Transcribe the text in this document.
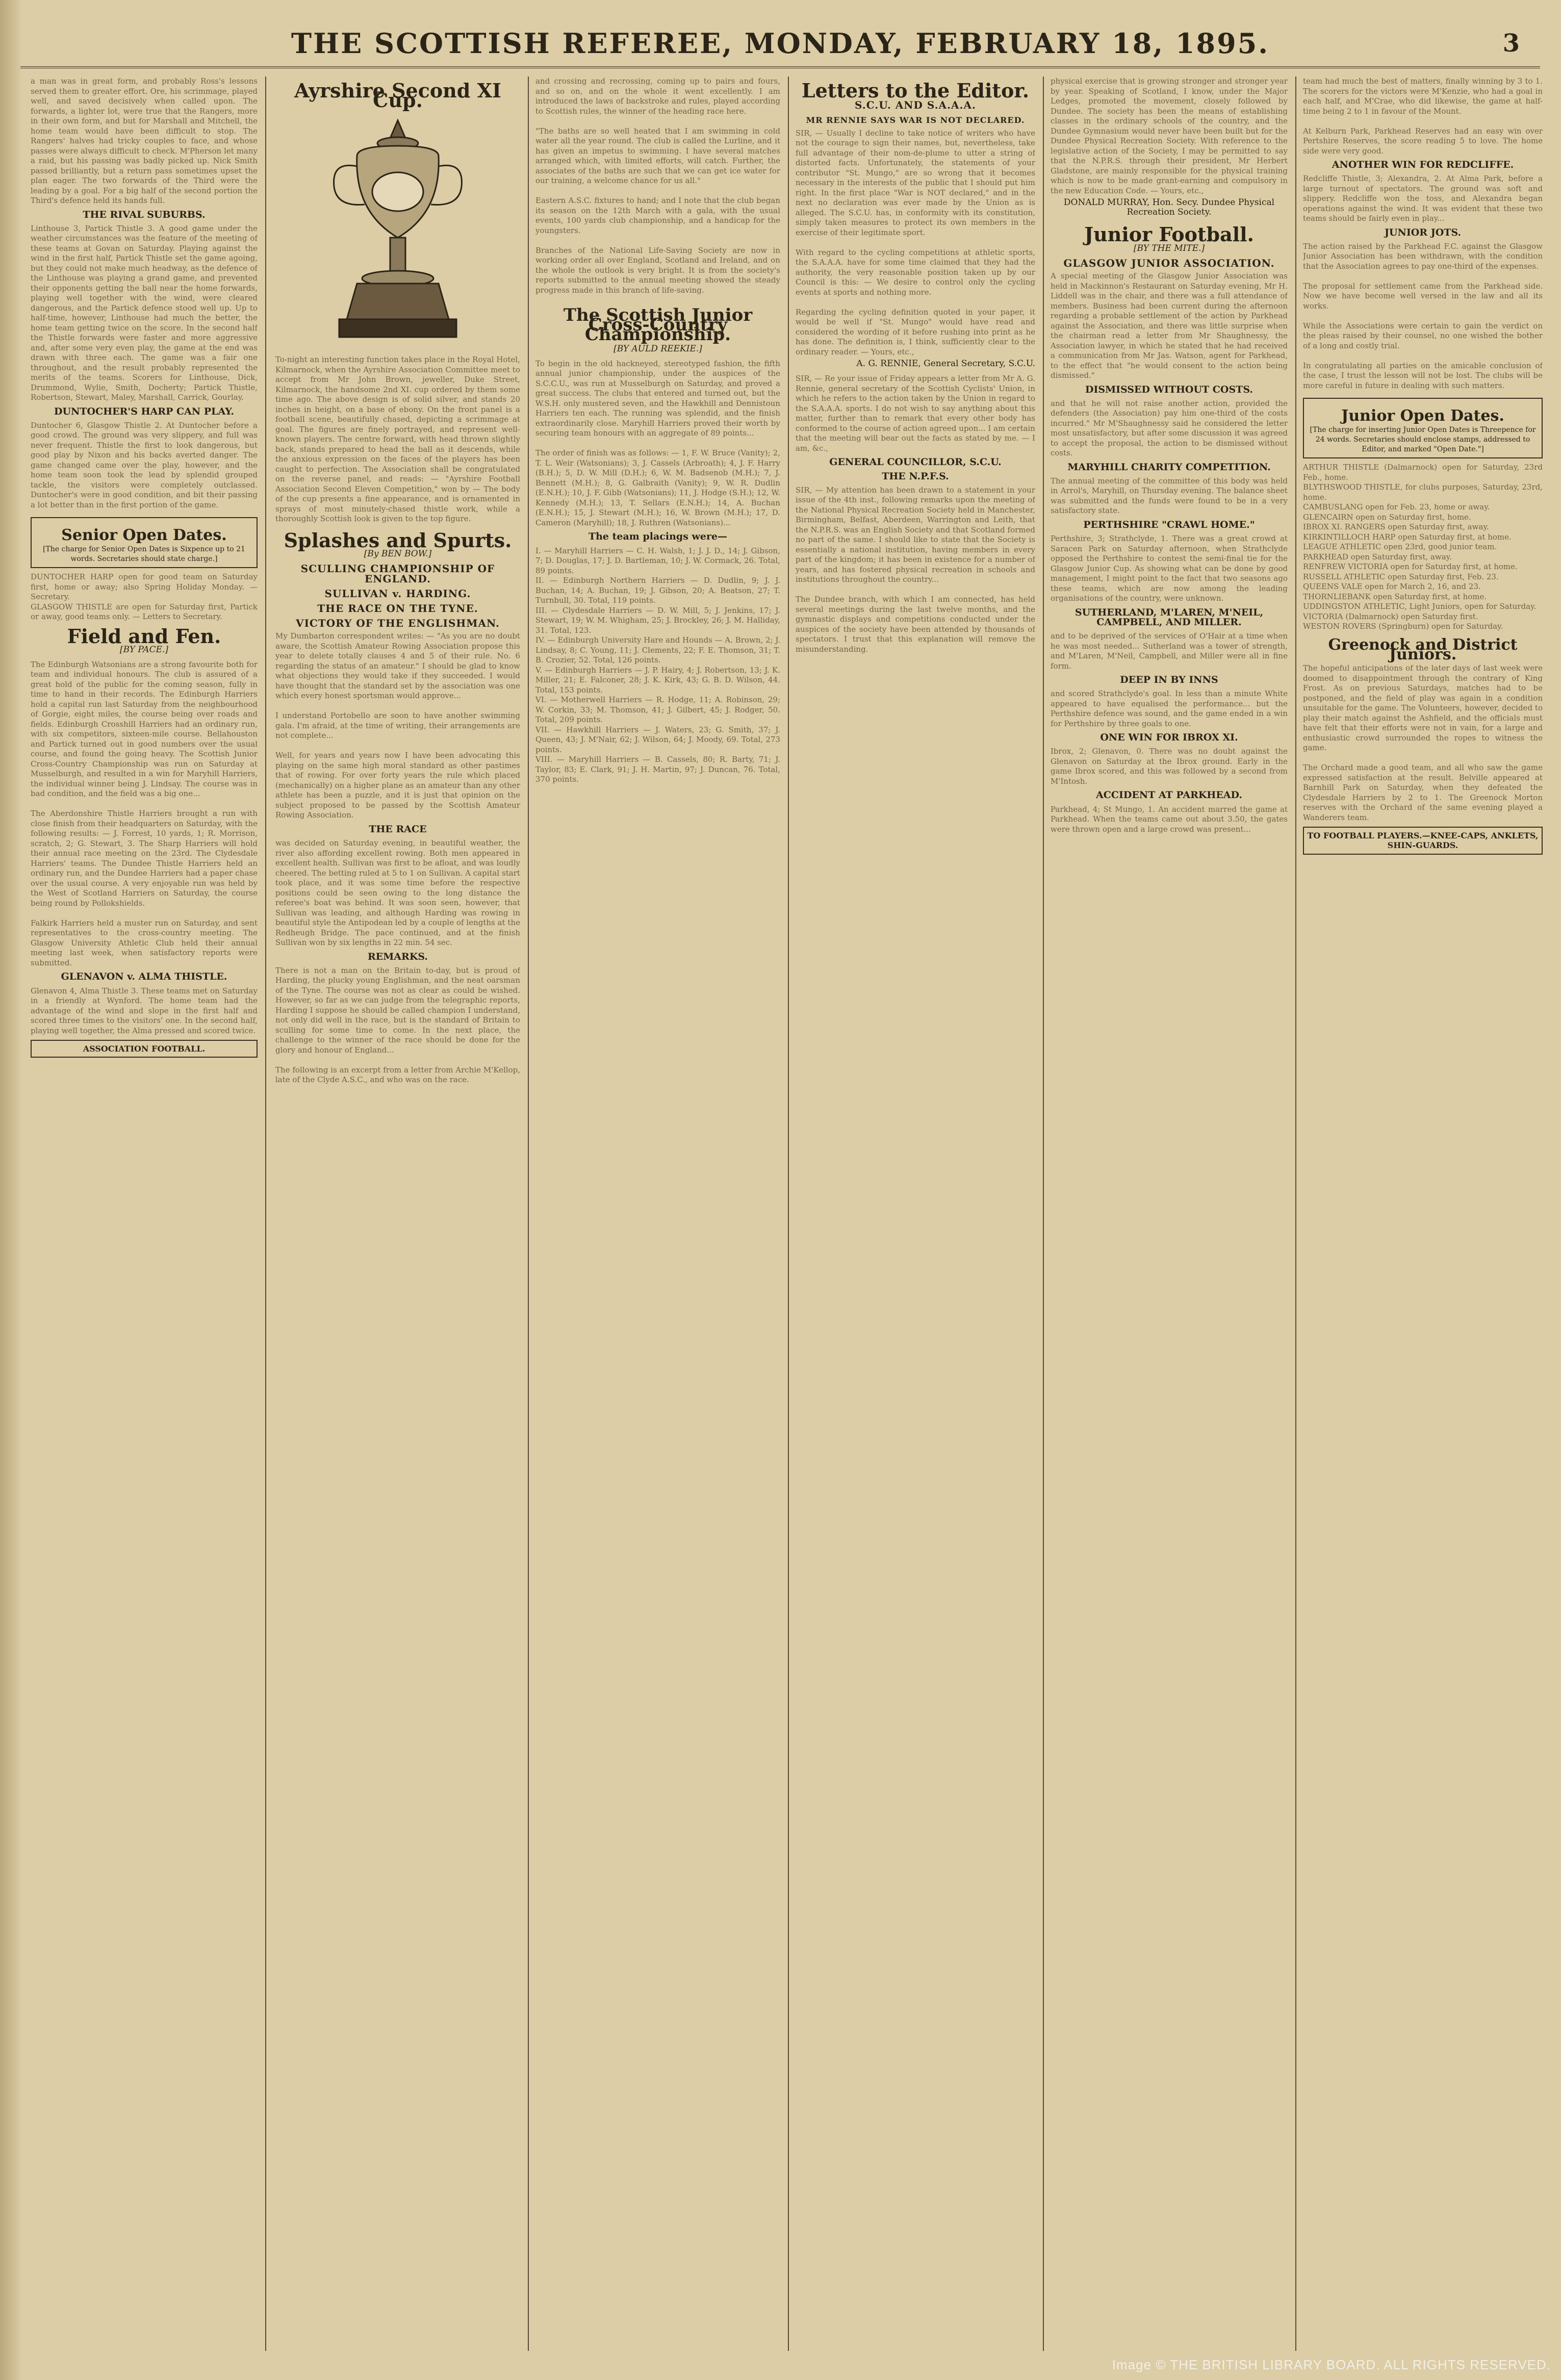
THE SCOTTISH REFEREE, MONDAY, FEBRUARY 18, 1895.	3
a man was in great form, and probably Ross's lessons served them to greater effort. Ore, his scrimmage, played well, and saved decisively when called upon. The forwards, a lighter lot, were true that the Rangers, more in their own form, and but for Marshall and Mitchell, the home team would have been difficult to stop. The Rangers' halves had tricky couples to face, and whose passes were always difficult to check. M'Pherson let many a raid, but his passing was badly picked up. Nick Smith passed brilliantly, but a return pass sometimes upset the plan eager. The two forwards of the Third were the leading by a goal. For a big half of the second portion the Third's defence held its hands full.
THE RIVAL SUBURBS.
Linthouse 3, Partick Thistle 3. A good game under the weather circumstances was the feature of the meeting of these teams at Govan on Saturday. Playing against the wind in the first half, Partick Thistle set the game agoing, but they could not make much headway, as the defence of the Linthouse was playing a grand game, and prevented their opponents getting the ball near the home forwards, playing well together with the wind, were cleared dangerous, and the Partick defence stood well up. Up to half-time, however, Linthouse had much the better, the home team getting twice on the score. In the second half the Thistle forwards were faster and more aggressive and, after some very even play, the game at the end was drawn with three each. The game was a fair one throughout, and the result probably represented the merits of the teams. Scorers for Linthouse, Dick, Drummond, Wylie, Smith, Docherty; Partick Thistle, Robertson, Stewart, Maley, Marshall, Carrick, Gourlay.
DUNTOCHER'S HARP CAN PLAY.
Duntocher 6, Glasgow Thistle 2. At Duntocher before a good crowd. The ground was very slippery, and full was never frequent. Thistle the first to look dangerous, but good play by Nixon and his backs averted danger. The game changed came over the play, however, and the home team soon took the lead by splendid grouped tackle, the visitors were completely outclassed. Duntocher's were in good condition, and bit their passing a lot better than in the first portion of the game.
Senior Open Dates.
[The charge for Senior Open Dates is Sixpence up to 21 words. Secretaries should state charge.]
DUNTOCHER HARP open for good team on Saturday first, home or away; also Spring Holiday Monday. — Secretary.
GLASGOW THISTLE are open for Saturday first, Partick or away, good teams only. — Letters to Secretary.
Field and Fen.
[BY PACE.]
The Edinburgh Watsonians are a strong favourite both for team and individual honours. The club is assured of a great hold of the public for the coming season, fully in time to hand in their records. The Edinburgh Harriers hold a capital run last Saturday from the neighbourhood of Gorgie, eight miles, the course being over roads and fields. Edinburgh Crosshill Harriers had an ordinary run, with six competitors, sixteen-mile course. Bellahouston and Partick turned out in good numbers over the usual course, and found the going heavy. The Scottish Junior Cross-Country Championship was run on Saturday at Musselburgh, and resulted in a win for Maryhill Harriers, the individual winner being J. Lindsay. The course was in bad condition, and the field was a big one...

The Aberdonshire Thistle Harriers brought a run with close finish from their headquarters on Saturday, with the following results: — J. Forrest, 10 yards, 1; R. Morrison, scratch, 2; G. Stewart, 3. The Sharp Harriers will hold their annual race meeting on the 23rd. The Clydesdale Harriers' teams. The Dundee Thistle Harriers held an ordinary run, and the Dundee Harriers had a paper chase over the usual course. A very enjoyable run was held by the West of Scotland Harriers on Saturday, the course being round by Pollokshields.

Falkirk Harriers held a muster run on Saturday, and sent representatives to the cross-country meeting. The Glasgow University Athletic Club held their annual meeting last week, when satisfactory reports were submitted.
GLENAVON v. ALMA THISTLE.
Glenavon 4, Alma Thistle 3. These teams met on Saturday in a friendly at Wynford. The home team had the advantage of the wind and slope in the first half and scored three times to the visitors' one. In the second half, playing well together, the Alma pressed and scored twice.
ASSOCIATION FOOTBALL.
Ayrshire Second XI Cup.
To-night an interesting function takes place in the Royal Hotel, Kilmarnock, when the Ayrshire Association Committee meet to accept from Mr John Brown, jeweller, Duke Street, Kilmarnock, the handsome 2nd XI. cup ordered by them some time ago. The above design is of solid silver, and stands 20 inches in height, on a base of ebony. On the front panel is a football scene, beautifully chased, depicting a scrimmage at goal. The figures are finely portrayed, and represent well-known players. The centre forward, with head thrown slightly back, stands prepared to head the ball as it descends, while the anxious expression on the faces of the players has been caught to perfection. The Association shall be congratulated on the reverse panel, and reads: — "Ayrshire Football Association Second Eleven Competition," won by — The body of the cup presents a fine appearance, and is ornamented in sprays of most minutely-chased thistle work, while a thoroughly Scottish look is given to the top figure.
Splashes and Spurts.
[By BEN BOW.]
SCULLING CHAMPIONSHIP OF ENGLAND.
SULLIVAN v. HARDING.
THE RACE ON THE TYNE.
VICTORY OF THE ENGLISHMAN.
My Dumbarton correspondent writes: — "As you are no doubt aware, the Scottish Amateur Rowing Association propose this year to delete totally clauses 4 and 5 of their rule. No. 6 regarding the status of an amateur." I should be glad to know what objections they would take if they succeeded. I would have thought that the standard set by the association was one which every honest sportsman would approve...

I understand Portobello are soon to have another swimming gala. I'm afraid, at the time of writing, their arrangements are not complete...

Well, for years and years now I have been advocating this playing on the same high moral standard as other pastimes that of rowing. For over forty years the rule which placed (mechanically) on a higher plane as an amateur than any other athlete has been a puzzle, and it is just that opinion on the subject proposed to be passed by the Scottish Amateur Rowing Association.
THE RACE
was decided on Saturday evening, in beautiful weather, the river also affording excellent rowing. Both men appeared in excellent health. Sullivan was first to be afloat, and was loudly cheered. The betting ruled at 5 to 1 on Sullivan. A capital start took place, and it was some time before the respective positions could be seen owing to the long distance the referee's boat was behind. It was soon seen, however, that Sullivan was leading, and although Harding was rowing in beautiful style the Antipodean led by a couple of lengths at the Redheugh Bridge. The pace continued, and at the finish Sullivan won by six lengths in 22 min. 54 sec.
REMARKS.
There is not a man on the Britain to-day, but is proud of Harding, the plucky young Englishman, and the neat oarsman of the Tyne. The course was not as clear as could be wished. However, so far as we can judge from the telegraphic reports, Harding I suppose he should be called champion I understand, not only did well in the race, but is the standard of Britain to sculling for some time to come. In the next place, the challenge to the winner of the race should be done for the glory and honour of England...

The following is an excerpt from a letter from Archie M'Kellop, late of the Clyde A.S.C., and who was on the race.
and crossing and recrossing, coming up to pairs and fours, and so on, and on the whole it went excellently. I am introduced the laws of backstroke and rules, played according to Scottish rules, the winner of the heading race here.

"The baths are so well heated that I am swimming in cold water all the year round. The club is called the Lurline, and it has given an impetus to swimming. I have several matches arranged which, with limited efforts, will catch. Further, the associates of the baths are such that we can get ice water for our training, a welcome chance for us all."

Eastern A.S.C. fixtures to hand; and I note that the club began its season on the 12th March with a gala, with the usual events, 100 yards club championship, and a handicap for the youngsters.

Branches of the National Life-Saving Society are now in working order all over England, Scotland and Ireland, and on the whole the outlook is very bright. It is from the society's reports submitted to the annual meeting showed the steady progress made in this branch of life-saving.
The Scottish Junior Cross-Country Championship.
[BY AULD REEKIE.]
To begin in the old hackneyed, stereotyped fashion, the fifth annual junior championship, under the auspices of the S.C.C.U., was run at Musselburgh on Saturday, and proved a great success. The clubs that entered and turned out, but the W.S.H. only mustered seven, and the Hawkhill and Dennistoun Harriers ten each. The running was splendid, and the finish extraordinarily close. Maryhill Harriers proved their worth by securing team honours with an aggregate of 89 points...

The order of finish was as follows: — 1, F. W. Bruce (Vanity); 2, T. L. Weir (Watsonians); 3, J. Cassels (Arbroath); 4, J. F. Harry (B.H.); 5, D. W. Mill (D.H.); 6, W. M. Badsenob (M.H.); 7, J. Bennett (M.H.); 8, G. Galbraith (Vanity); 9, W. R. Dudlin (E.N.H.); 10, J. F. Gibb (Watsonians); 11, J. Hodge (S.H.); 12, W. Kennedy (M.H.); 13, T. Sellars (E.N.H.); 14, A. Buchan (E.N.H.); 15, J. Stewart (M.H.); 16, W. Brown (M.H.); 17, D. Cameron (Maryhill); 18, J. Ruthren (Watsonians)...
The team placings were—
I. — Maryhill Harriers — C. H. Walsh, 1; J. J. D., 14; J. Gibson, 7; D. Douglas, 17; J. D. Bartleman, 10; J. W. Cormack, 26. Total, 89 points.
II. — Edinburgh Northern Harriers — D. Dudlin, 9; J. J. Buchan, 14; A. Buchan, 19; J. Gibson, 20; A. Beatson, 27; T. Turnbull, 30. Total, 119 points.
III. — Clydesdale Harriers — D. W. Mill, 5; J. Jenkins, 17; J. Stewart, 19; W. M. Whigham, 25; J. Brockley, 26; J. M. Halliday, 31. Total, 123.
IV. — Edinburgh University Hare and Hounds — A. Brown, 2; J. Lindsay, 8; C. Young, 11; J. Clements, 22; F. E. Thomson, 31; T. B. Crozier, 52. Total, 126 points.
V. — Edinburgh Harriers — J. P. Hairy, 4; J. Robertson, 13; J. K. Miller, 21; E. Falconer, 28; J. K. Kirk, 43; G. B. D. Wilson, 44. Total, 153 points.
VI. — Motherwell Harriers — R. Hodge, 11; A. Robinson, 29; W. Corkin, 33; M. Thomson, 41; J. Gilbert, 45; J. Rodger, 50. Total, 209 points.
VII. — Hawkhill Harriers — J. Waters, 23; G. Smith, 37; J. Queen, 43; J. M'Nair, 62; J. Wilson, 64; J. Moody, 69. Total, 273 points.
VIII. — Maryhill Harriers — B. Cassels, 80; R. Barty, 71; J. Taylor, 83; E. Clark, 91; J. H. Martin, 97; J. Duncan, 76. Total, 370 points.
Letters to the Editor.
S.C.U. AND S.A.A.A.
MR RENNIE SAYS WAR IS NOT DECLARED.
SIR, — Usually I decline to take notice of writers who have not the courage to sign their names, but, nevertheless, take full advantage of their nom-de-plume to utter a string of distorted facts. Unfortunately, the statements of your contributor "St. Mungo," are so wrong that it becomes necessary in the interests of the public that I should put him right. In the first place "War is NOT declared," and in the next no declaration was ever made by the Union as is alleged. The S.C.U. has, in conformity with its constitution, simply taken measures to protect its own members in the exercise of their legitimate sport.

With regard to the cycling competitions at athletic sports, the S.A.A.A. have for some time claimed that they had the authority, the very reasonable position taken up by our Council is this: — We desire to control only the cycling events at sports and nothing more.

Regarding the cycling definition quoted in your paper, it would be well if "St. Mungo" would have read and considered the wording of it before rushing into print as he has done. The definition is, I think, sufficiently clear to the ordinary reader. — Yours, etc.,
A. G. RENNIE, General Secretary, S.C.U.
SIR, — Re your issue of Friday appears a letter from Mr A. G. Rennie, general secretary of the Scottish Cyclists' Union, in which he refers to the action taken by the Union in regard to the S.A.A.A. sports. I do not wish to say anything about this matter, further than to remark that every other body has conformed to the course of action agreed upon... I am certain that the meeting will bear out the facts as stated by me. — I am, &c.,
GENERAL COUNCILLOR, S.C.U.
THE N.P.F.S.
SIR, — My attention has been drawn to a statement in your issue of the 4th inst., following remarks upon the meeting of the National Physical Recreation Society held in Manchester, Birmingham, Belfast, Aberdeen, Warrington and Leith, that the N.P.R.S. was an English Society and that Scotland formed no part of the same. I should like to state that the Society is essentially a national institution, having members in every part of the kingdom; it has been in existence for a number of years, and has fostered physical recreation in schools and institutions throughout the country...

The Dundee branch, with which I am connected, has held several meetings during the last twelve months, and the gymnastic displays and competitions conducted under the auspices of the society have been attended by thousands of spectators. I trust that this explanation will remove the misunderstanding.
physical exercise that is growing stronger and stronger year by year. Speaking of Scotland, I know, under the Major Ledges, promoted the movement, closely followed by Dundee. The society has been the means of establishing classes in the ordinary schools of the country, and the Dundee Gymnasium would never have been built but for the Dundee Physical Recreation Society. With reference to the legislative action of the Society, I may be permitted to say that the N.P.R.S. through their president, Mr Herbert Gladstone, are mainly responsible for the physical training which is now to be made grant-earning and compulsory in the new Education Code. — Yours, etc.,
DONALD MURRAY, Hon. Secy. Dundee Physical Recreation Society.
Junior Football.
[BY THE MITE.]
GLASGOW JUNIOR ASSOCIATION.
A special meeting of the Glasgow Junior Association was held in Mackinnon's Restaurant on Saturday evening, Mr H. Liddell was in the chair, and there was a full attendance of members. Business had been current during the afternoon regarding a probable settlement of the action by Parkhead against the Association, and there was little surprise when the chairman read a letter from Mr Shaughnessy, the Association lawyer, in which he stated that he had received a communication from Mr Jas. Watson, agent for Parkhead, to the effect that "he would consent to the action being dismissed."
DISMISSED WITHOUT COSTS.
and that he will not raise another action, provided the defenders (the Association) pay him one-third of the costs incurred." Mr M'Shaughnessy said he considered the letter most unsatisfactory, but after some discussion it was agreed to accept the proposal, the action to be dismissed without costs.
MARYHILL CHARITY COMPETITION.
The annual meeting of the committee of this body was held in Arrol's, Maryhill, on Thursday evening. The balance sheet was submitted and the funds were found to be in a very satisfactory state.
PERTHSHIRE "CRAWL HOME."
Perthshire, 3; Strathclyde, 1. There was a great crowd at Saracen Park on Saturday afternoon, when Strathclyde opposed the Perthshire to contest the semi-final tie for the Glasgow Junior Cup. As showing what can be done by good management, I might point to the fact that two seasons ago these teams, which are now among the leading organisations of the country, were unknown.
SUTHERLAND, M'LAREN, M'NEIL, CAMPBELL, AND MILLER.
and to be deprived of the services of O'Hair at a time when he was most needed... Sutherland was a tower of strength, and M'Laren, M'Neil, Campbell, and Miller were all in fine form.
DEEP IN BY INNS
and scored Strathclyde's goal. In less than a minute White appeared to have equalised the performance... but the Perthshire defence was sound, and the game ended in a win for Perthshire by three goals to one.
ONE WIN FOR IBROX XI.
Ibrox, 2; Glenavon, 0. There was no doubt against the Glenavon on Saturday at the Ibrox ground. Early in the game Ibrox scored, and this was followed by a second from M'Intosh.
ACCIDENT AT PARKHEAD.
Parkhead, 4; St Mungo, 1. An accident marred the game at Parkhead. When the teams came out about 3.50, the gates were thrown open and a large crowd was present...
team had much the best of matters, finally winning by 3 to 1. The scorers for the victors were M'Kenzie, who had a goal in each half, and M'Crae, who did likewise, the game at half-time being 2 to 1 in favour of the Mount.

At Kelburn Park, Parkhead Reserves had an easy win over Pertshire Reserves, the score reading 5 to love. The home side were very good.
ANOTHER WIN FOR REDCLIFFE.
Redcliffe Thistle, 3; Alexandra, 2. At Alma Park, before a large turnout of spectators. The ground was soft and slippery. Redcliffe won the toss, and Alexandra began operations against the wind. It was evident that these two teams should be fairly even in play...
JUNIOR JOTS.
The action raised by the Parkhead F.C. against the Glasgow Junior Association has been withdrawn, with the condition that the Association agrees to pay one-third of the expenses.

The proposal for settlement came from the Parkhead side. Now we have become well versed in the law and all its works.

While the Associations were certain to gain the verdict on the pleas raised by their counsel, no one wished the bother of a long and costly trial.

In congratulating all parties on the amicable conclusion of the case, I trust the lesson will not be lost. The clubs will be more careful in future in dealing with such matters.
Junior Open Dates.
[The charge for inserting Junior Open Dates is Threepence for 24 words. Secretaries should enclose stamps, addressed to Editor, and marked "Open Date."]
ARTHUR THISTLE (Dalmarnock) open for Saturday, 23rd Feb., home.
BLYTHSWOOD THISTLE, for clubs purposes, Saturday, 23rd, home.
CAMBUSLANG open for Feb. 23, home or away.
GLENCAIRN open on Saturday first, home.
IBROX XI. RANGERS open Saturday first, away.
KIRKINTILLOCH HARP open Saturday first, at home.
LEAGUE ATHLETIC open 23rd, good junior team.
PARKHEAD open Saturday first, away.
RENFREW VICTORIA open for Saturday first, at home.
RUSSELL ATHLETIC open Saturday first, Feb. 23.
QUEENS VALE open for March 2, 16, and 23.
THORNLIEBANK open Saturday first, at home.
UDDINGSTON ATHLETIC, Light Juniors, open for Saturday.
VICTORIA (Dalmarnock) open Saturday first.
WESTON ROVERS (Springburn) open for Saturday.
Greenock and District Juniors.
The hopeful anticipations of the later days of last week were doomed to disappointment through the contrary of King Frost. As on previous Saturdays, matches had to be postponed, and the field of play was again in a condition unsuitable for the game. The Volunteers, however, decided to play their match against the Ashfield, and the officials must have felt that their efforts were not in vain, for a large and enthusiastic crowd surrounded the ropes to witness the game.

The Orchard made a good team, and all who saw the game expressed satisfaction at the result. Belville appeared at Barnhill Park on Saturday, when they defeated the Clydesdale Harriers by 2 to 1. The Greenock Morton reserves with the Orchard of the same evening played a Wanderers team.
TO FOOTBALL PLAYERS.—KNEE-CAPS, ANKLETS, SHIN-GUARDS.
Image © THE BRITISH LIBRARY BOARD. ALL RIGHTS RESERVED.
